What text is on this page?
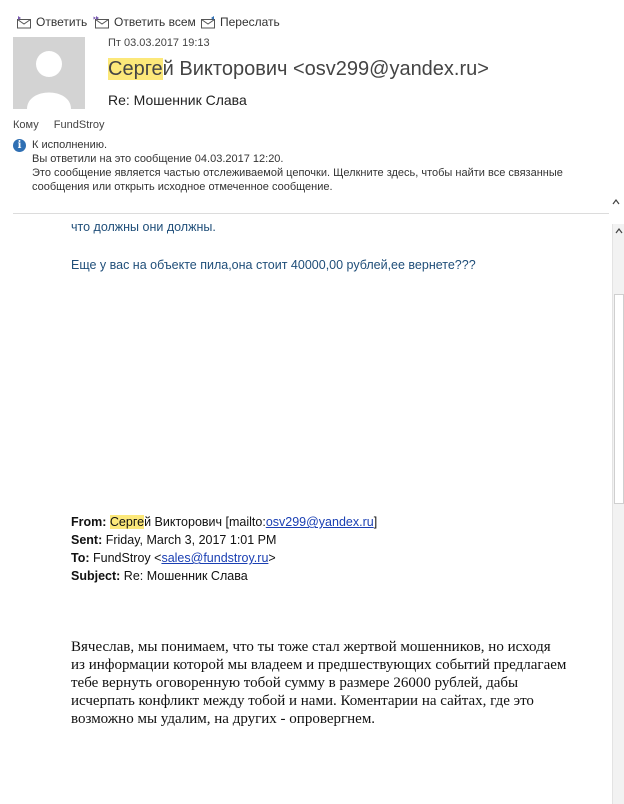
Ответить Ответить всем Переслать
Пт 03.03.2017 19:13
Сергей Викторович <osv299@yandex.ru>
Re: Мошенник Слава
Кому FundStroy
i К исполнению.
Вы ответили на это сообщение 04.03.2017 12:20.
Это сообщение является частью отслеживаемой цепочки. Щелкните здесь, чтобы найти все связанные
сообщения или открыть исходное отмеченное сообщение.
что должны они должны.
Еще у вас на объекте пила,она стоит 40000,00 рублей,ее вернете???
From: Сергей Викторович [mailto:osv299@yandex.ru]
Sent: Friday, March 3, 2017 1:01 PM
To: FundStroy <sales@fundstroy.ru>
Subject: Re: Мошенник Слава
Вячеслав, мы понимаем, что ты тоже стал жертвой мошенников, но исходя
из информации которой мы владеем и предшествующих событий предлагаем
тебе вернуть оговоренную тобой сумму в размере 26000 рублей, дабы
исчерпать конфликт между тобой и нами. Коментарии на сайтах, где это
возможно мы удалим, на других - опровергнем.
